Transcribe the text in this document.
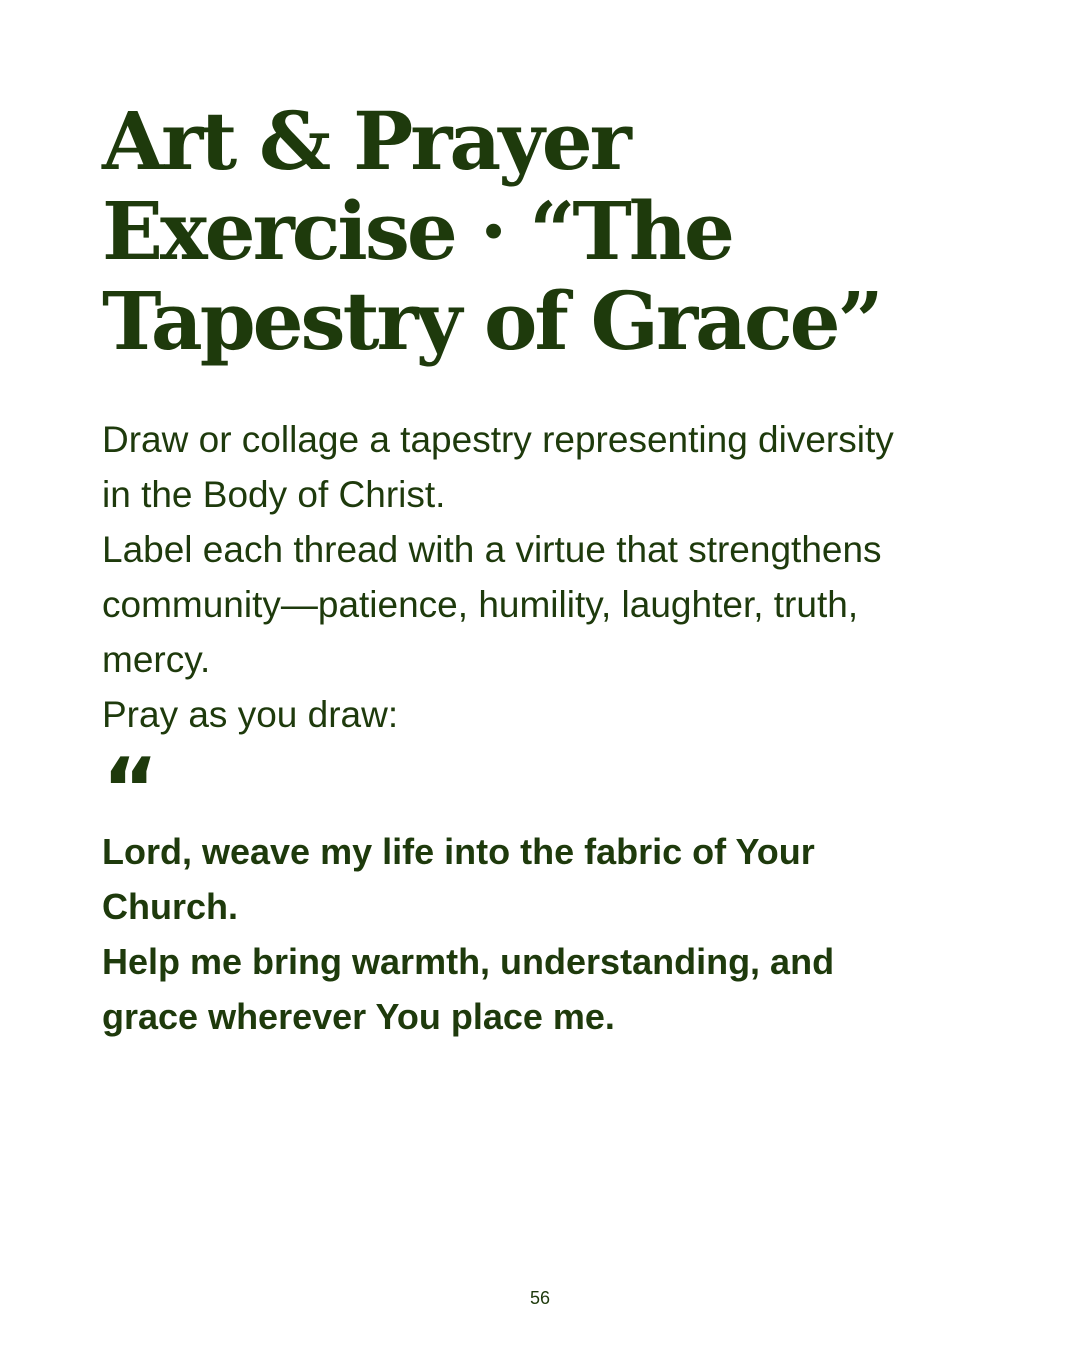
Art & Prayer
Exercise · “The
Tapestry of Grace”
Draw or collage a tapestry representing diversity
in the Body of Christ.
Label each thread with a virtue that strengthens
community—patience, humility, laughter, truth,
mercy.
Pray as you draw:
“
Lord, weave my life into the fabric of Your
Church.
Help me bring warmth, understanding, and
grace wherever You place me.
56
